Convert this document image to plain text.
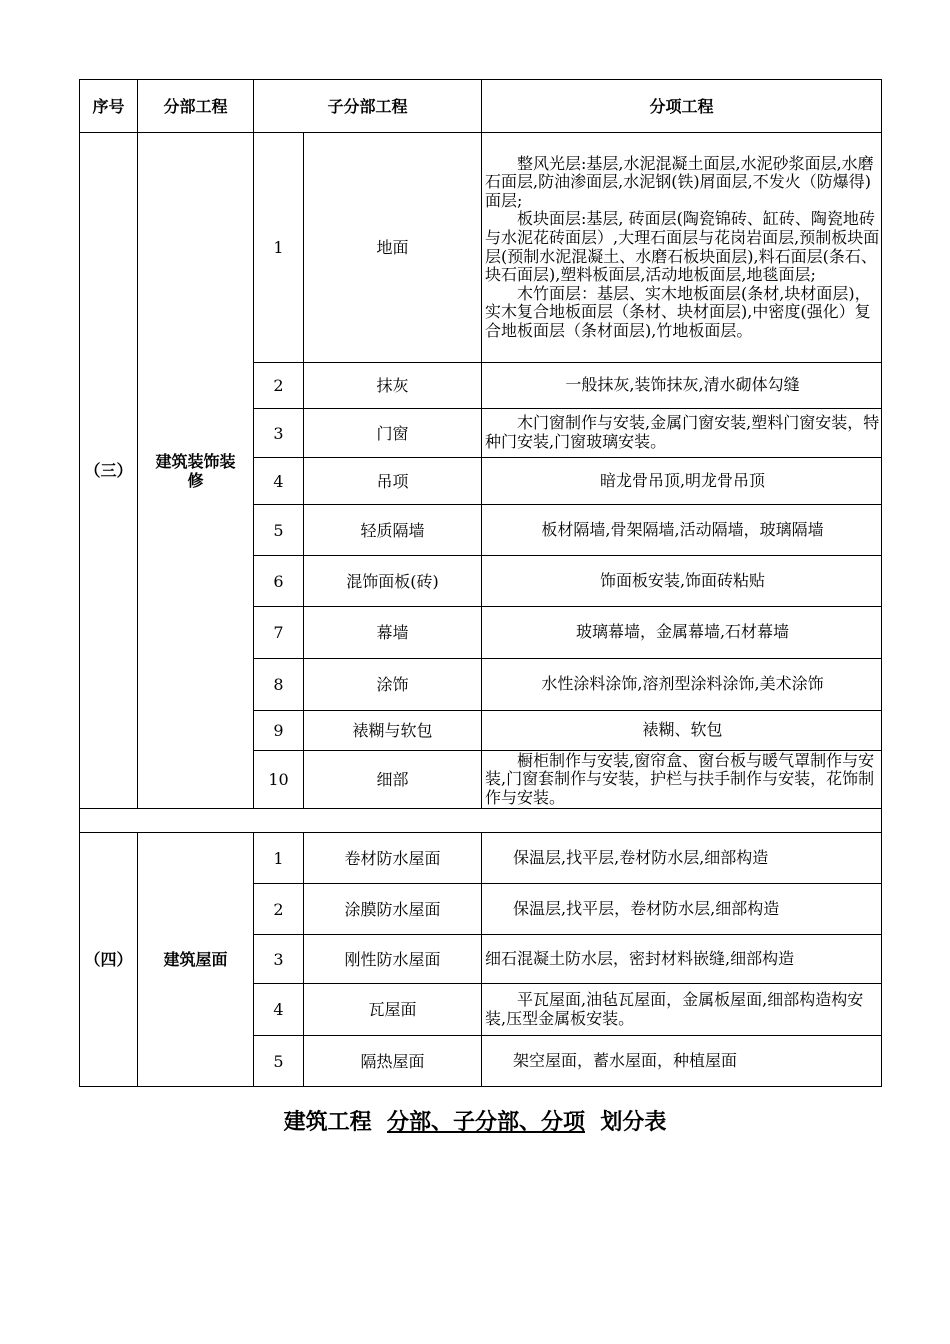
序号	分部工程	子分部工程		分项工程
（三）	建筑装饰装修	1	地面	整风光层:基层,水泥混凝土面层,水泥砂浆面层,水磨石面层,防油渗面层,水泥钢(铁)屑面层,不发火（防爆得)面层;

板块面层:基层, 砖面层(陶瓷锦砖、缸砖、陶瓷地砖与水泥花砖面层）,大理石面层与花岗岩面层,预制板块面层(预制水泥混凝土、水磨石板块面层),料石面层(条石、块石面层),塑料板面层,活动地板面层,地毯面层;

木竹面层：基层、实木地板面层(条材,块材面层)，实木复合地板面层（条材、块材面层),中密度(强化）复合地板面层（条材面层),竹地板面层。

		2	抹灰	一般抹灰,装饰抹灰,清水砌体勾缝
		3	门窗	木门窗制作与安装,金属门窗安装,塑料门窗安装，特种门安装,门窗玻璃安装。

		4	吊项	暗龙骨吊顶,明龙骨吊顶
		5	轻质隔墙	板材隔墙,骨架隔墙,活动隔墙，玻璃隔墙
		6	混饰面板(砖)	饰面板安装,饰面砖粘贴
		7	幕墙	玻璃幕墙，金属幕墙,石材幕墙
		8	涂饰	水性涂料涂饰,溶剂型涂料涂饰,美术涂饰
		9	裱糊与软包	裱糊、软包
		10	细部	橱柜制作与安装,窗帘盒、窗台板与暖气罩制作与安装,门窗套制作与安装，护栏与扶手制作与安装，花饰制作与安装。

（四）	建筑屋面	1	卷材防水屋面	保温层,找平层,卷材防水层,细部构造
		2	涂膜防水屋面	保温层,找平层，卷材防水层,细部构造
		3	刚性防水屋面	细石混凝土防水层，密封材料嵌缝,细部构造
		4	瓦屋面	平瓦屋面,油毡瓦屋面，金属板屋面,细部构造构安装,压型金属板安装。

		5	隔热屋面	架空屋面，蓄水屋面，种植屋面
建筑工程 分部、子分部、分项 划分表
